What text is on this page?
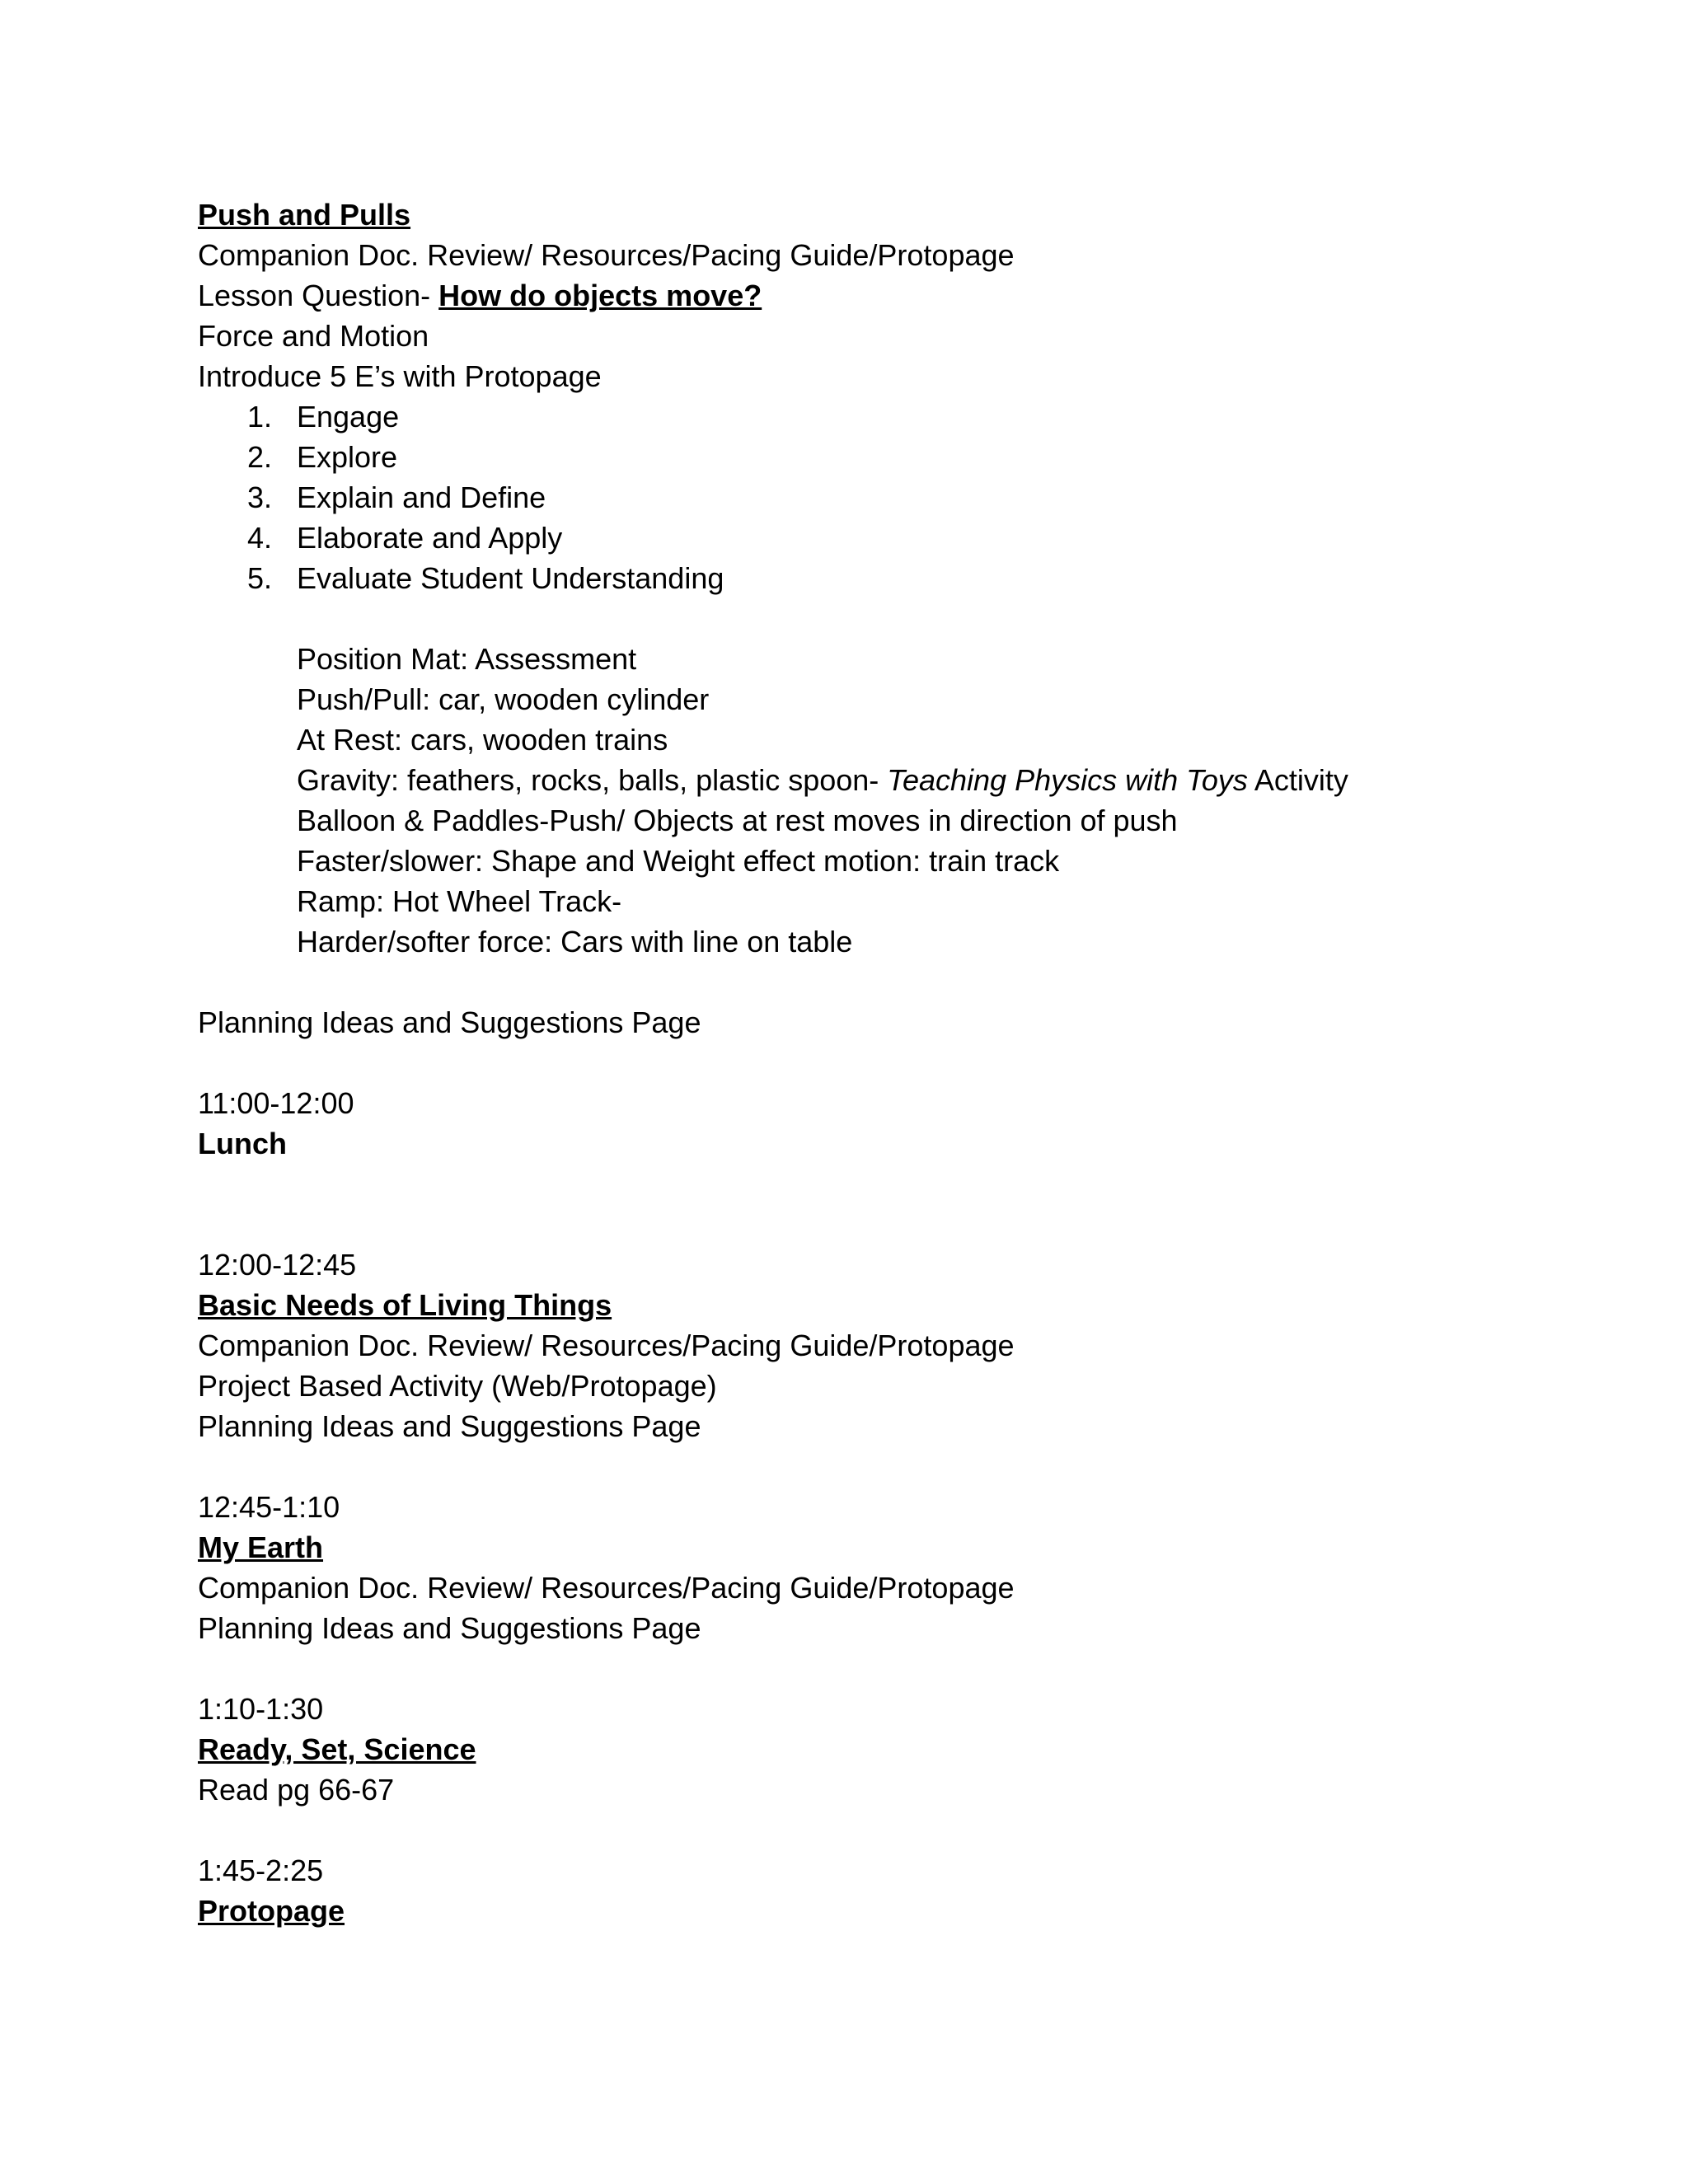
Push and Pulls
Companion Doc. Review/ Resources/Pacing Guide/Protopage
Lesson Question- How do objects move?
Force and Motion
Introduce 5 E’s with Protopage
1. Engage
2. Explore
3. Explain and Define
4. Elaborate and Apply
5. Evaluate Student Understanding
Position Mat: Assessment
Push/Pull: car, wooden cylinder
At Rest: cars, wooden trains
Gravity: feathers, rocks, balls, plastic spoon- Teaching Physics with Toys Activity
Balloon & Paddles-Push/ Objects at rest moves in direction of push
Faster/slower: Shape and Weight effect motion: train track
Ramp: Hot Wheel Track-
Harder/softer force: Cars with line on table
Planning Ideas and Suggestions Page
11:00-12:00
Lunch
12:00-12:45
Basic Needs of Living Things
Companion Doc. Review/ Resources/Pacing Guide/Protopage
Project Based Activity (Web/Protopage)
Planning Ideas and Suggestions Page
12:45-1:10
My Earth
Companion Doc. Review/ Resources/Pacing Guide/Protopage
Planning Ideas and Suggestions Page
1:10-1:30
Ready, Set, Science
Read pg 66-67
1:45-2:25
Protopage
